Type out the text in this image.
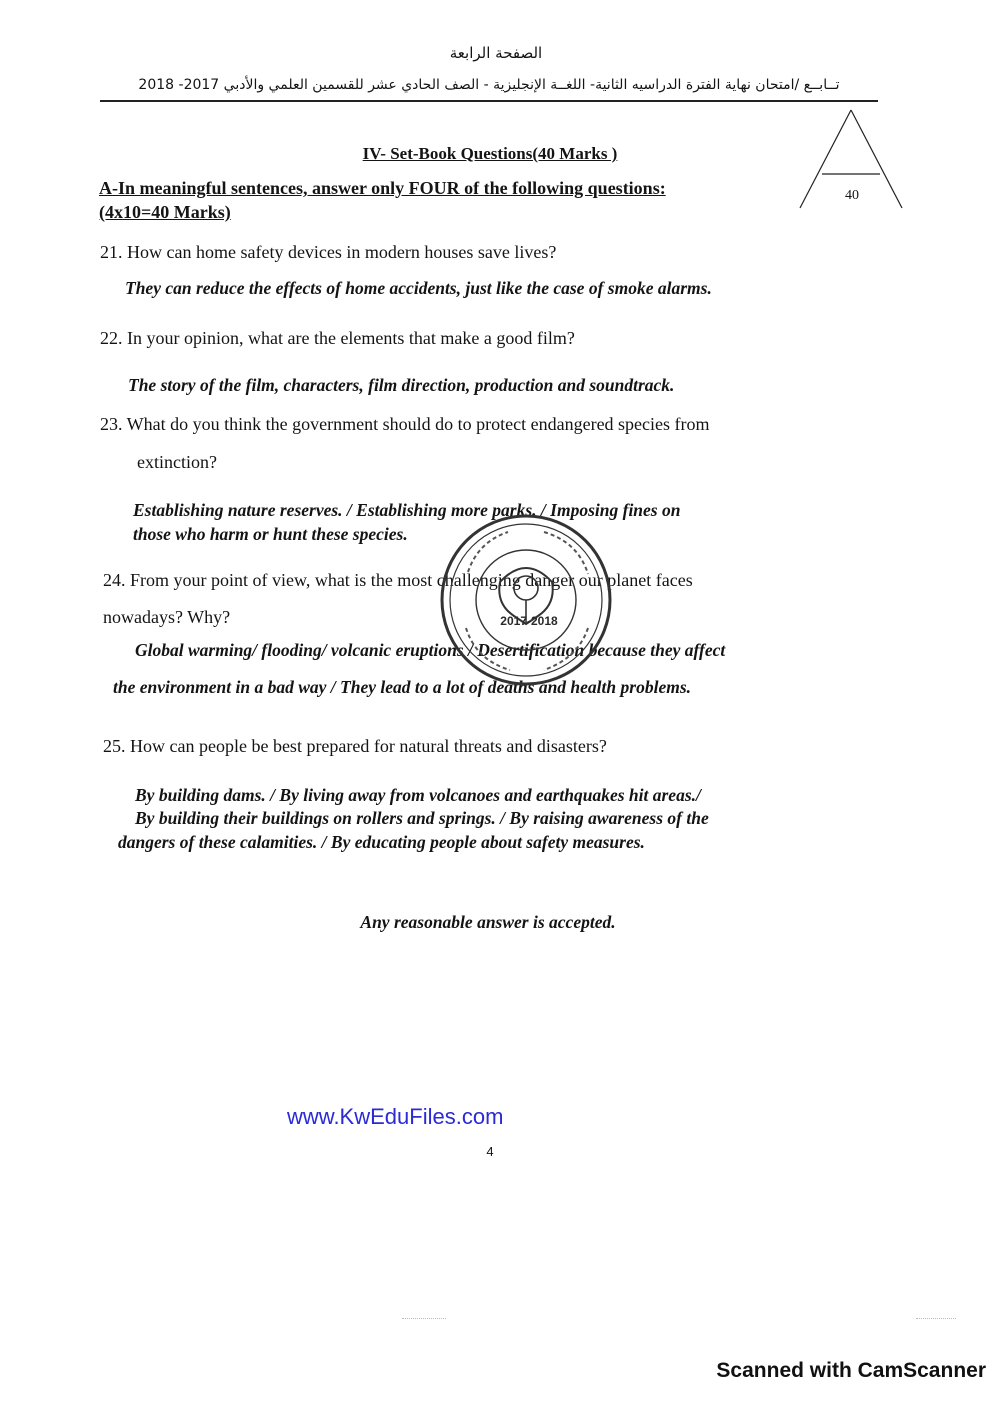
الصفحة الرابعة
تــابــع /امتحان نهاية الفترة الدراسيه الثانية- اللغــة الإنجليزية - الصف الحادي عشر للقسمين العلمي والأدبي 2017- 2018
IV- Set-Book Questions(40 Marks )
40
A-In meaningful sentences, answer only FOUR of the following questions:
(4x10=40 Marks)
21. How can home safety devices in modern houses save lives?
They can reduce the effects of home accidents, just like the case of smoke alarms.
22. In your opinion, what are the elements that make a good film?
The story of the film, characters, film direction, production and soundtrack.
23. What do you think the government should do to protect endangered species from
extinction?
Establishing nature reserves. / Establishing more parks. / Imposing fines on
those who harm or hunt these species.
24. From your point of view, what is the most challenging danger our planet faces
nowadays? Why?
Global warming/ flooding/ volcanic eruptions / Desertification because they affect
the environment in a bad way / They lead to a lot of deaths and health problems.
25. How can people be best prepared for natural threats and disasters?
By building dams. / By living away from volcanoes and earthquakes hit areas./
By building their buildings on rollers and springs. / By raising awareness of the
dangers of these calamities. / By educating people about safety measures.
Any reasonable answer is accepted.
2017-2018
www.KwEduFiles.com
4
Scanned with CamScanner
